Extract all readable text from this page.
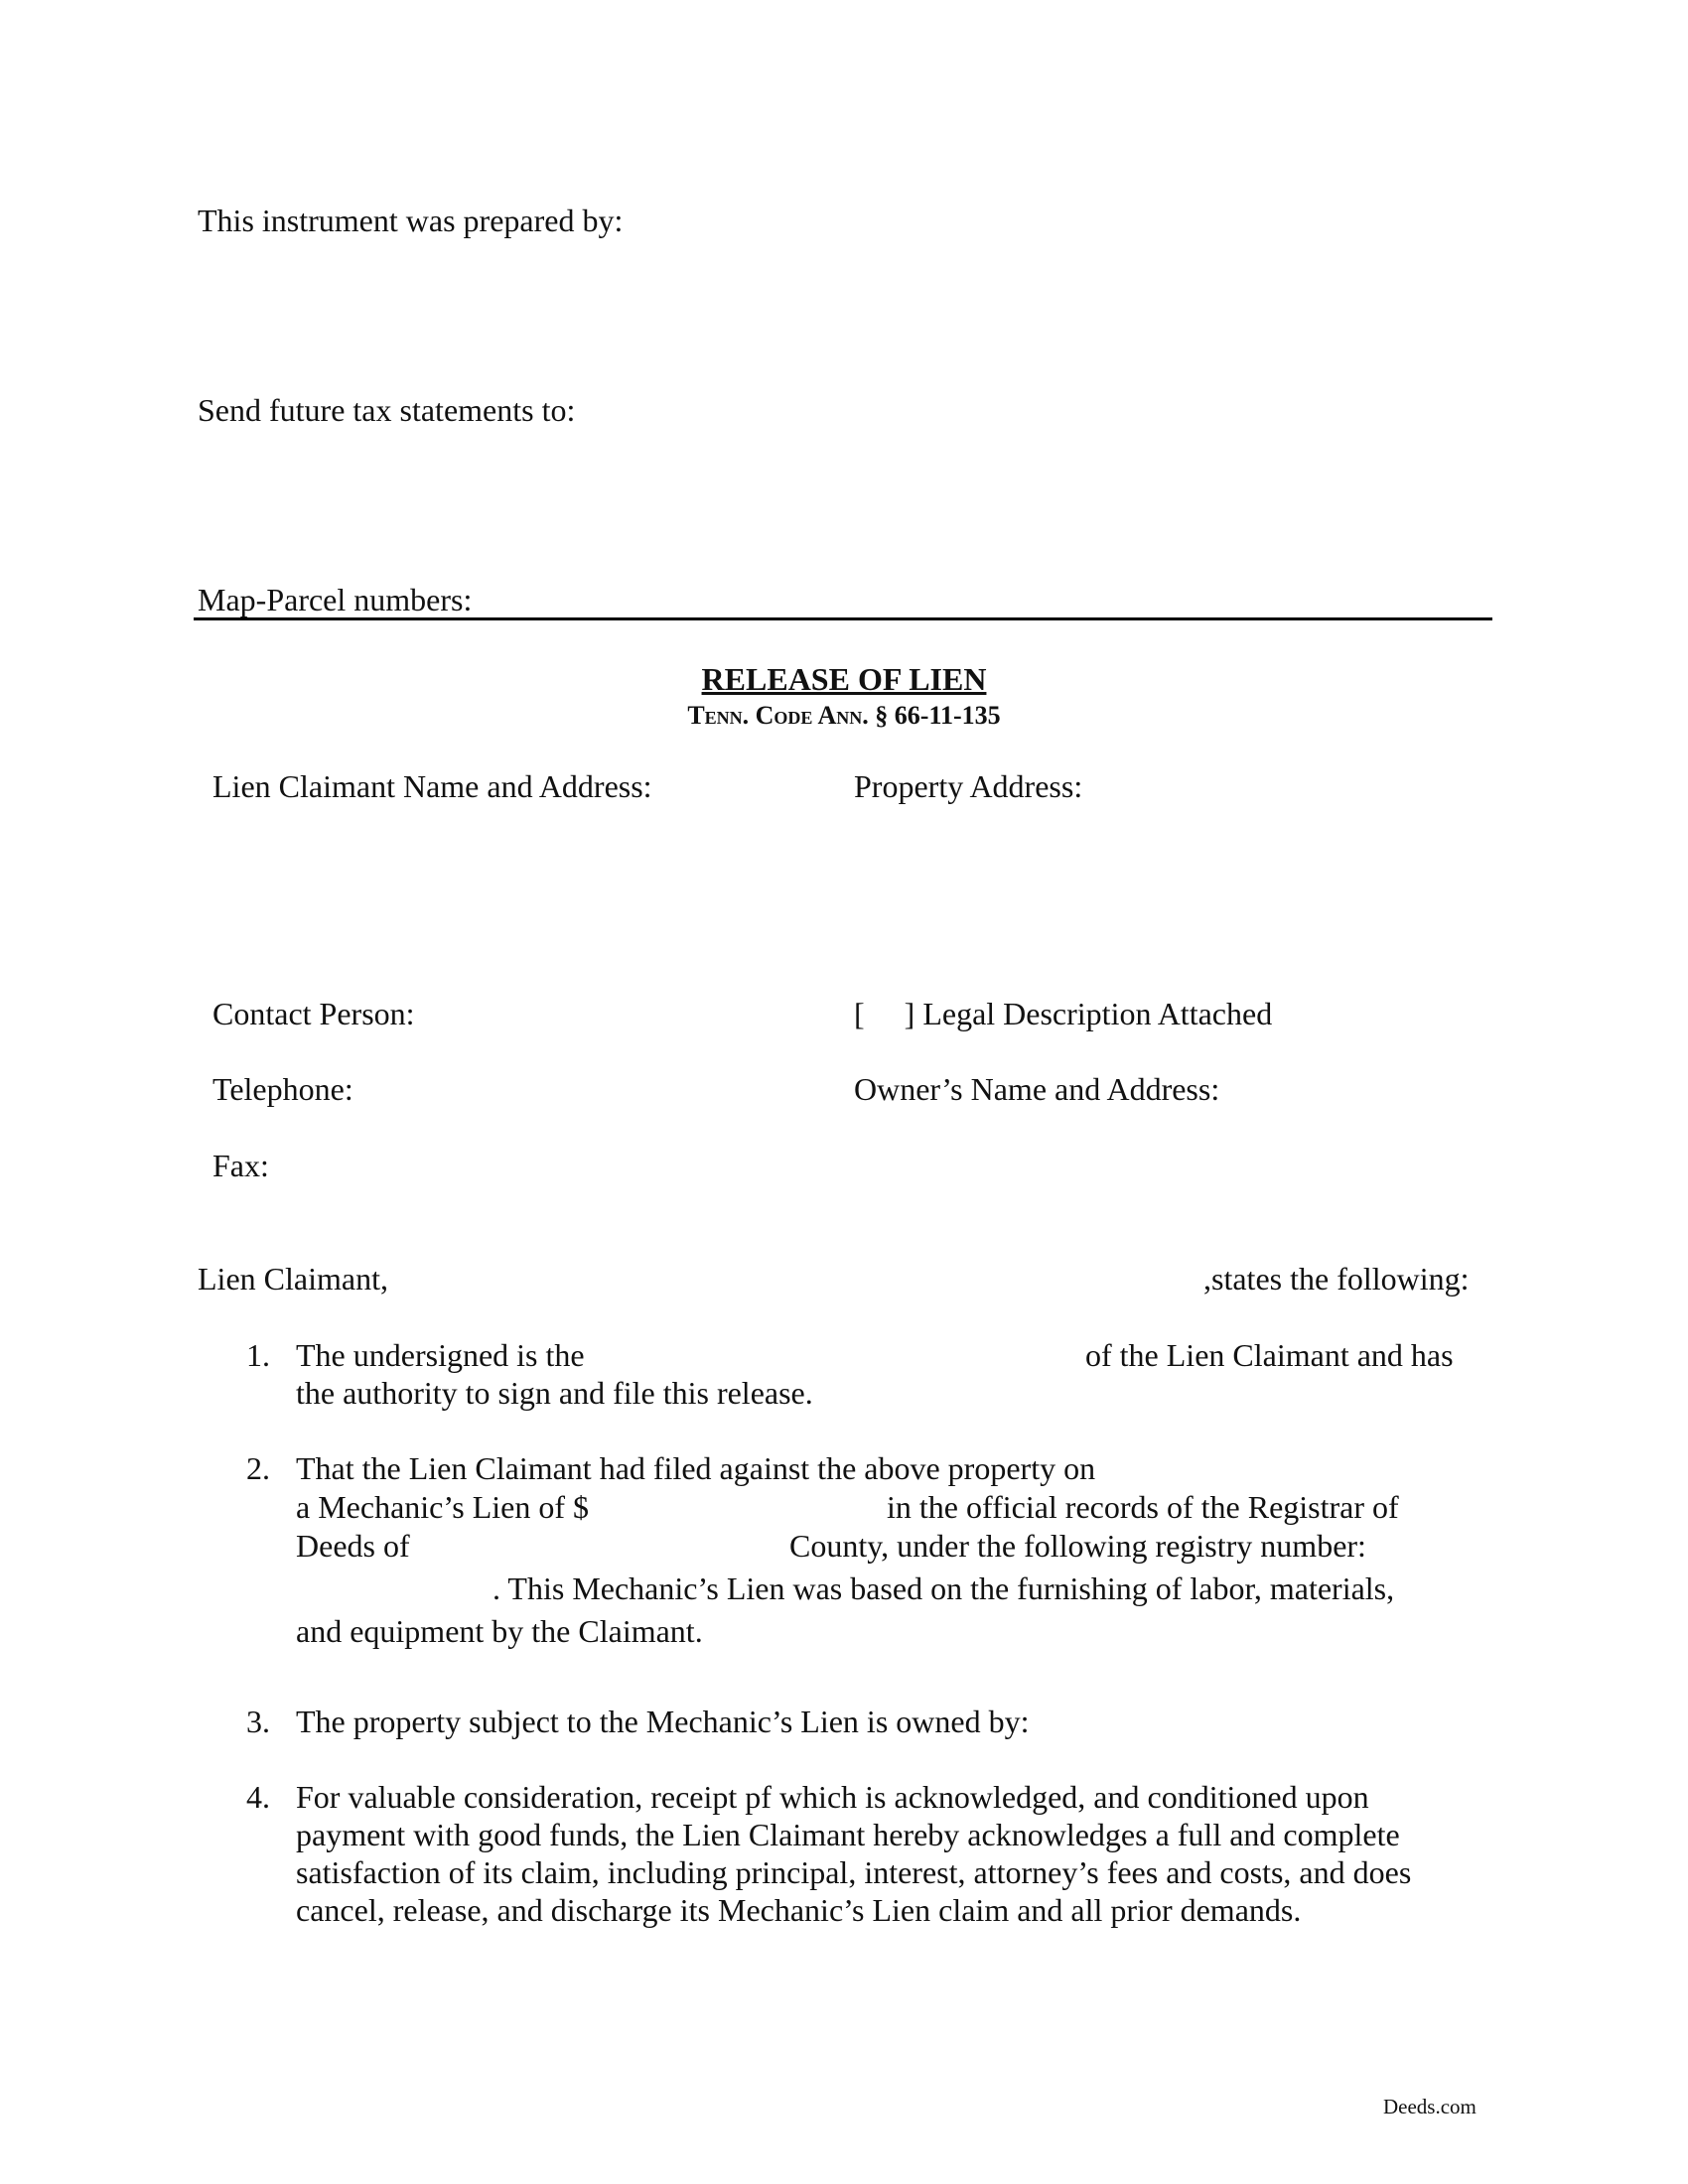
This instrument was prepared by:
Send future tax statements to:
Map-Parcel numbers:
RELEASE OF LIEN
Tenn. Code Ann. § 66-11-135
Lien Claimant Name and Address:	Property Address:
Contact Person:	[     ] Legal Description Attached
Telephone:	Owner’s Name and Address:
Fax:
Lien Claimant,	,states the following:
1. The undersigned is the	of the Lien Claimant and has
the authority to sign and file this release.
2. That the Lien Claimant had filed against the above property on
a Mechanic’s Lien of $	in the official records of the Registrar of
Deeds of	County, under the following registry number:
. This Mechanic’s Lien was based on the furnishing of labor, materials,
and equipment by the Claimant.
3. The property subject to the Mechanic’s Lien is owned by:
4. For valuable consideration, receipt pf which is acknowledged, and conditioned upon
payment with good funds, the Lien Claimant hereby acknowledges a full and complete
satisfaction of its claim, including principal, interest, attorney’s fees and costs, and does
cancel, release, and discharge its Mechanic’s Lien claim and all prior demands.
Deeds.com
